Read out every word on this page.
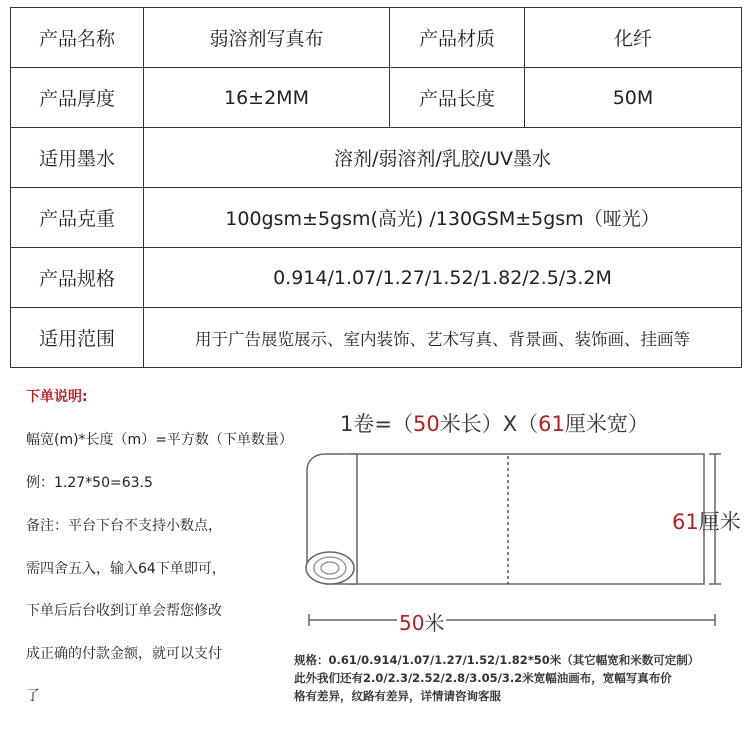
产品名称	弱溶剂写真布	产品材质	化纤
产品厚度	16±2MM	产品长度	50M
适用墨水	溶剂/弱溶剂/乳胶/UV墨水		
产品克重	100gsm±5gsm(高光) /130GSM±5gsm（哑光）		
产品规格	0.914/1.07/1.27/1.52/1.82/2.5/3.2M		
适用范围	用于广告展览展示、室内装饰、艺术写真、背景画、装饰画、挂画等		
下单说明:
幅宽(m)*长度（m）=平方数（下单数量）
例：1.27*50=63.5
备注：平台下台不支持小数点，
需四舍五入，输入64下单即可，
下单后后台收到订单会帮您修改
成正确的付款金额，就可以支付
了
1卷=（50米长）X（61厘米宽）
61厘米
50米
规格：0.61/0.914/1.07/1.27/1.52/1.82*50米（其它幅宽和米数可定制）
此外我们还有2.0/2.3/2.52/2.8/3.05/3.2米宽幅油画布，宽幅写真布价
格有差异，纹路有差异，详情请咨询客服
